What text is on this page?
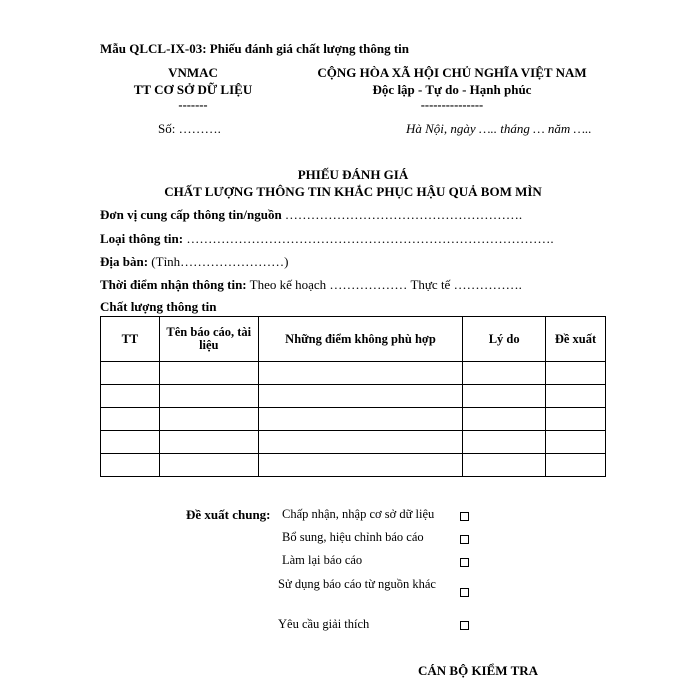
Mẫu QLCL-IX-03: Phiếu đánh giá chất lượng thông tin
VNMAC
TT CƠ SỞ DỮ LIỆU
-------
Số: ……….
CỘNG HÒA XÃ HỘI CHỦ NGHĨA VIỆT NAM
Độc lập - Tự do - Hạnh phúc
---------------
Hà Nội, ngày ….. tháng … năm …..
PHIẾU ĐÁNH GIÁ
CHẤT LƯỢNG THÔNG TIN KHẮC PHỤC HẬU QUẢ BOM MÌN
Đơn vị cung cấp thông tin/nguồn ……………………………………………….
Loại thông tin: ………………………………………………………………………….
Địa bàn: (Tỉnh……………………)
Thời điểm nhận thông tin: Theo kế hoạch ……………… Thực tế …………….
Chất lượng thông tin
TT	Tên báo cáo, tài liệu	Những điểm không phù hợp	Lý do	Đề xuất

Đề xuất chung: Chấp nhận, nhập cơ sở dữ liệu
Bổ sung, hiệu chỉnh báo cáo
Làm lại báo cáo
Sử dụng báo cáo từ nguồn khác
Yêu cầu giải thích
CÁN BỘ KIỂM TRA
